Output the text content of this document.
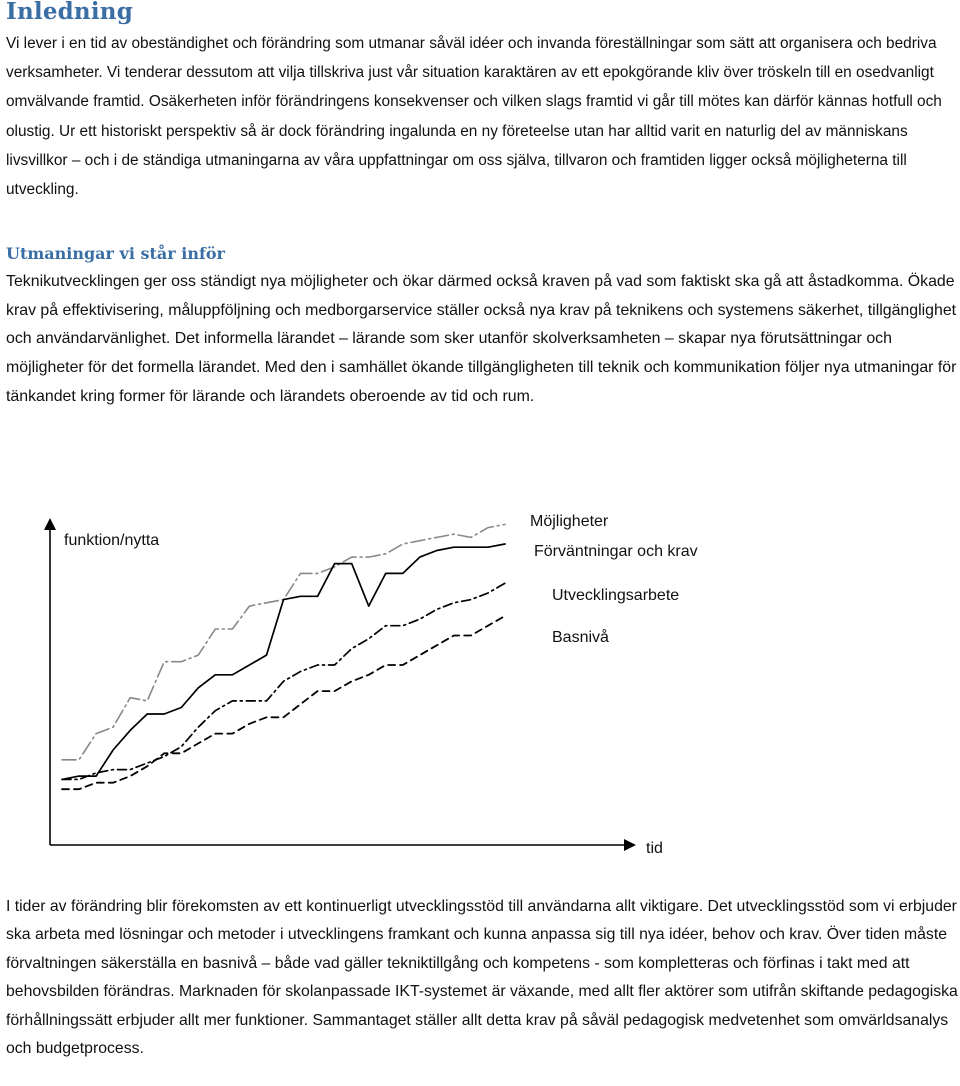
Inledning

Vi lever i en tid av obeständighet och förändring som utmanar såväl idéer och invanda föreställningar som sätt att organisera och bedriva verksamheter. Vi tenderar dessutom att vilja tillskriva just vår situation karaktären av ett epokgörande kliv över tröskeln till en osedvanligt omvälvande framtid. Osäkerheten inför förändringens konsekvenser och vilken slags framtid vi går till mötes kan därför kännas hotfull och olustig. Ur ett historiskt perspektiv så är dock förändring ingalunda en ny företeelse utan har alltid varit en naturlig del av människans livsvillkor – och i de ständiga utmaningarna av våra uppfattningar om oss själva, tillvaron och framtiden ligger också möjligheterna till utveckling.

Utmaningar vi står inför

Teknikutvecklingen ger oss ständigt nya möjligheter och ökar därmed också kraven på vad som faktiskt ska gå att åstadkomma. Ökade krav på effektivisering, måluppföljning och medborgarservice ställer också nya krav på teknikens och systemens säkerhet, tillgänglighet och användarvänlighet. Det informella lärandet – lärande som sker utanför skolverksamheten – skapar nya förutsättningar och möjligheter för det formella lärandet. Med den i samhället ökande tillgängligheten till teknik och kommunikation följer nya utmaningar för tänkandet kring former för lärande och lärandets oberoende av tid och rum.

funktion/nytta
tid
Möjligheter
Förväntningar och krav
Utvecklingsarbete
Basnivå

I tider av förändring blir förekomsten av ett kontinuerligt utvecklingsstöd till användarna allt viktigare. Det utvecklingsstöd som vi erbjuder ska arbeta med lösningar och metoder i utvecklingens framkant och kunna anpassa sig till nya idéer, behov och krav. Över tiden måste förvaltningen säkerställa en basnivå – både vad gäller tekniktillgång och kompetens - som kompletteras och förfinas i takt med att behovsbilden förändras. Marknaden för skolanpassade IKT-systemet är växande, med allt fler aktörer som utifrån skiftande pedagogiska förhållningssätt erbjuder allt mer funktioner. Sammantaget ställer allt detta krav på såväl pedagogisk medvetenhet som omvärldsanalys och budgetprocess.
